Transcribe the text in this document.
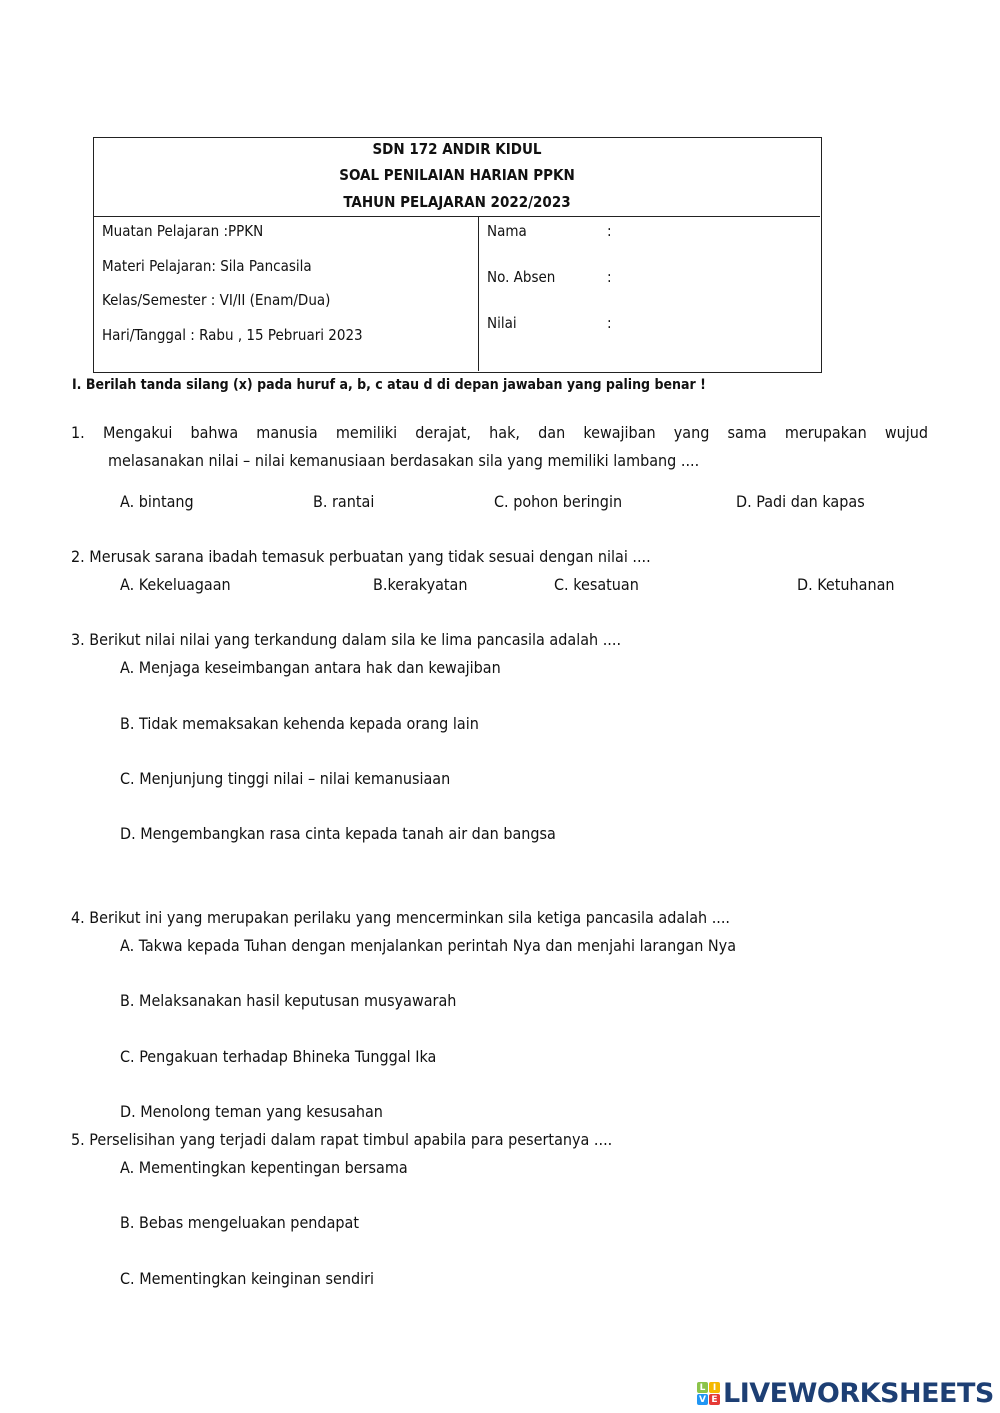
SDN 172 ANDIR KIDUL
SOAL PENILAIAN HARIAN PPKN
TAHUN PELAJARAN 2022/2023
Muatan Pelajaran :PPKN
Materi Pelajaran: Sila Pancasila
Kelas/Semester : VI/II (Enam/Dua)
Hari/Tanggal : Rabu , 15 Pebruari 2023
Nama	:
No. Absen	:
Nilai	:
I. Berilah tanda silang (x) pada huruf a, b, c atau d di depan jawaban yang paling benar !
1. Mengakui bahwa manusia memiliki derajat, hak, dan kewajiban yang sama merupakan wujud
melasanakan nilai – nilai kemanusiaan berdasakan sila yang memiliki lambang ....
A. bintang	B. rantai	C. pohon beringin	D. Padi dan kapas
2. Merusak sarana ibadah temasuk perbuatan yang tidak sesuai dengan nilai ....
A. Kekeluagaan	B.kerakyatan	C. kesatuan	D. Ketuhanan
3. Berikut nilai nilai yang terkandung dalam sila ke lima pancasila adalah ....
A. Menjaga keseimbangan antara hak dan kewajiban
B. Tidak memaksakan kehenda kepada orang lain
C. Menjunjung tinggi nilai – nilai kemanusiaan
D. Mengembangkan rasa cinta kepada tanah air dan bangsa
4. Berikut ini yang merupakan perilaku yang mencerminkan sila ketiga pancasila adalah ....
A. Takwa kepada Tuhan dengan menjalankan perintah Nya dan menjahi larangan Nya
B. Melaksanakan hasil keputusan musyawarah
C. Pengakuan terhadap Bhineka Tunggal Ika
D. Menolong teman yang kesusahan
5. Perselisihan yang terjadi dalam rapat timbul apabila para pesertanya ....
A. Mementingkan kepentingan bersama
B. Bebas mengeluakan pendapat
C. Mementingkan keinginan sendiri
L I
V E LIVEWORKSHEETS
